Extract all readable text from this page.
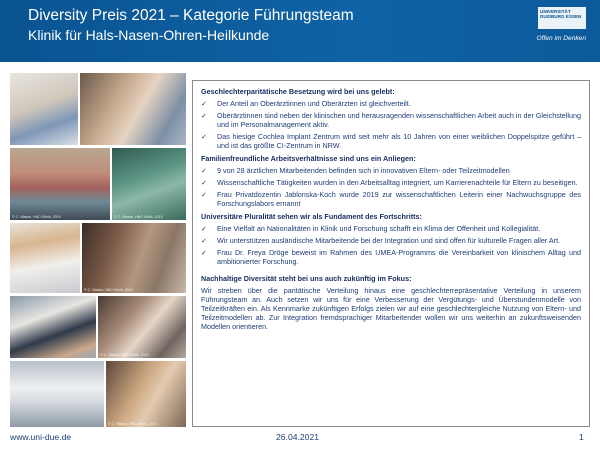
Diversity Preis 2021 – Kategorie Führungsteam
Klinik für Hals-Nasen-Ohren-Heilkunde
UNIVERSITÄT DUISBURG ESSEN
Offen im Denken
© C. Waske, HNO Klinik, 2019	© C. Waske, HNO Klinik, 2019
© C. Waske, HNO Klinik, 2019
© C. Waske, HNO Klinik, 2019
© C. Waske, HNO Klinik, 2019
Geschlechterparitätische Besetzung wird bei uns gelebt:
✓ Der Anteil an Oberärztinnen und Oberärzten ist gleichverteilt.
✓ Oberärztinnen sind neben der klinischen und herausragenden wissenschaftlichen Arbeit auch in der Gleichstellung und im Personalmanagement aktiv.
✓ Das hiesige Cochlea Implant Zentrum wird seit mehr als 10 Jahren von einer weiblichen Doppelspitze geführt – und ist das größte CI-Zentrum in NRW.
Familienfreundliche Arbeitsverhältnisse sind uns ein Anliegen:
✓ 9 von 28 ärztlichen Mitarbeitenden befinden sich in innovativen Eltern- oder Teilzeitmodellen
✓ Wissenschaftliche Tätigkeiten wurden in den Arbeitsalltag integriert, um Karrierenachteile für Eltern zu beseitigen.
✓ Frau Privatdozentin Jablonska-Koch wurde 2019 zur wissenschaftlichen Leiterin einer Nachwuchsgruppe des Forschungslabors ernannt
Universitäre Pluralität sehen wir als Fundament des Fortschritts:
✓ Eine Vielfalt an Nationalitäten in Klinik und Forschung schafft ein Klima der Offenheit und Kollegialität.
✓ Wir unterstützen ausländische Mitarbeitende bei der Integration und sind offen für kulturelle Fragen aller Art.
✓ Frau Dr. Freya Dröge beweist im Rahmen des UMEA-Programms die Vereinbarkeit von klinischem Alltag und ambitionierter Forschung.
Nachhaltige Diversität steht bei uns auch zukünftig im Fokus:
Wir streben über die paritätische Verteilung hinaus eine geschlechterrepräsentative Verteilung in unserem Führungsteam an. Auch setzen wir uns für eine Verbesserung der Vergütungs- und Überstundenmodelle von Teilzeitkräften ein. Als Kennmarke zukünftigen Erfolgs zielen wir auf eine geschlechtergleiche Nutzung von Eltern- und Teilzeitmodellen ab. Zur Integration fremdsprachiger Mitarbeitender wollen wir uns weiterhin an zukunftsweisenden Modellen orientieren.
www.uni-due.de	26.04.2021	1
